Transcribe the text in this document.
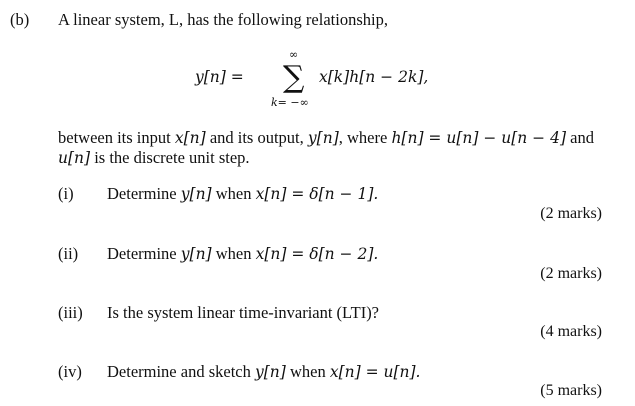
(b) A linear system, L, has the following relationship,
y[n] =
∞
∑
k= −∞
x[k]h[n − 2k],
between its input x[n] and its output, y[n], where h[n] = u[n] − u[n − 4] and
u[n] is the discrete unit step.
(i) Determine y[n] when x[n] = δ[n − 1].
(2 marks)
(ii) Determine y[n] when x[n] = δ[n − 2].
(2 marks)
(iii) Is the system linear time-invariant (LTI)?
(4 marks)
(iv) Determine and sketch y[n] when x[n] = u[n].
(5 marks)
